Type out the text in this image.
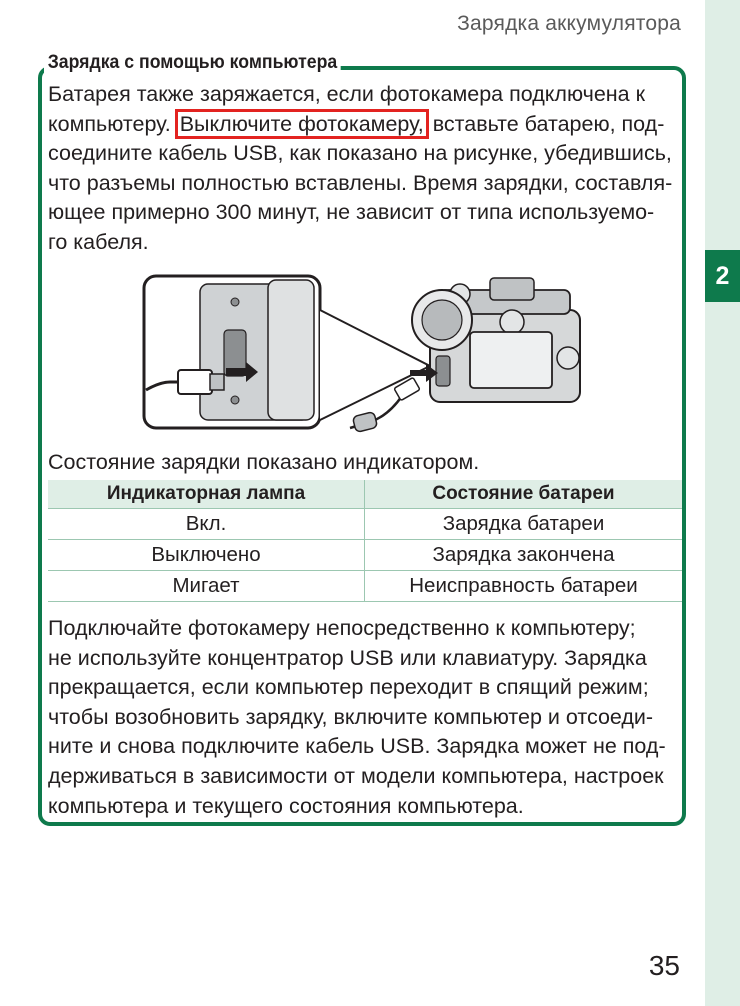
2
Зарядка аккумулятора
Зарядка с помощью компьютера

Батарея также заряжается, если фотокамера подключена к
компьютеру. Выключите фотокамеру, вставьте батарею, под-
соедините кабель USB, как показано на рисунке, убедившись,
что разъемы полностью вставлены. Время зарядки, составля-
ющее примерно 300 минут, не зависит от типа используемо-
го кабеля.

Состояние зарядки показано индикатором.
Индикаторная лампа	Состояние батареи
Вкл.	Зарядка батареи
Выключено	Зарядка закончена
Мигает	Неисправность батареи

Подключайте фотокамеру непосредственно к компьютеру;
не используйте концентратор USB или клавиатуру. Зарядка
прекращается, если компьютер переходит в спящий режим;
чтобы возобновить зарядку, включите компьютер и отсоеди-
ните и снова подключите кабель USB. Зарядка может не под-
держиваться в зависимости от модели компьютера, настроек
компьютера и текущего состояния компьютера.

35
